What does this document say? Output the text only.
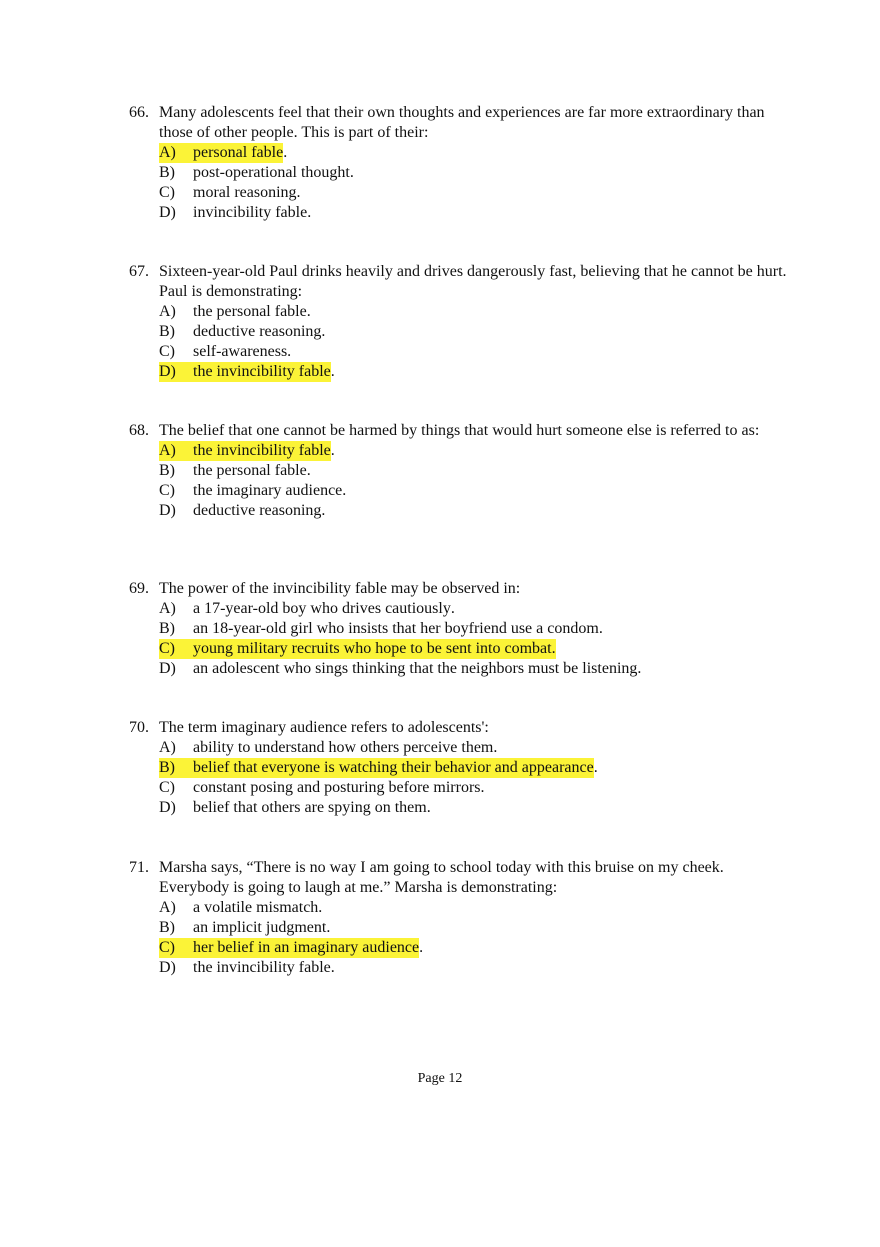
66. Many adolescents feel that their own thoughts and experiences are far more extraordinary than those of other people. This is part of their:
A)	personal fable .
B)	post-operational thought .
C)	moral reasoning .
D)	invincibility fable .
67. Sixteen-year-old Paul drinks heavily and drives dangerously fast, believing that he cannot be hurt. Paul is demonstrating:
A)	the personal fable .
B)	deductive reasoning .
C)	self-awareness .
D)	the invincibility fable .
68. The belief that one cannot be harmed by things that would hurt someone else is referred to as:
A)	the invincibility fable .
B)	the personal fable .
C)	the imaginary audience .
D)	deductive reasoning .
69. The power of the invincibility fable may be observed in:
A)	a 17-year-old boy who drives cautiously .
B)	an 18-year-old girl who insists that her boyfriend use a condom .
C)	young military recruits who hope to be sent into combat.
D)	an adolescent who sings thinking that the neighbors must be listening .
70. The term imaginary audience refers to adolescents':
A)	ability to understand how others perceive them .
B)	belief that everyone is watching their behavior and appearance .
C)	constant posing and posturing before mirrors .
D)	belief that others are spying on them .
71. Marsha says, “There is no way I am going to school today with this bruise on my cheek. Everybody is going to laugh at me.” Marsha is demonstrating:
A)	a volatile mismatch .
B)	an implicit judgment .
C)	her belief in an imaginary audience .
D)	the invincibility fable .
Page 12
